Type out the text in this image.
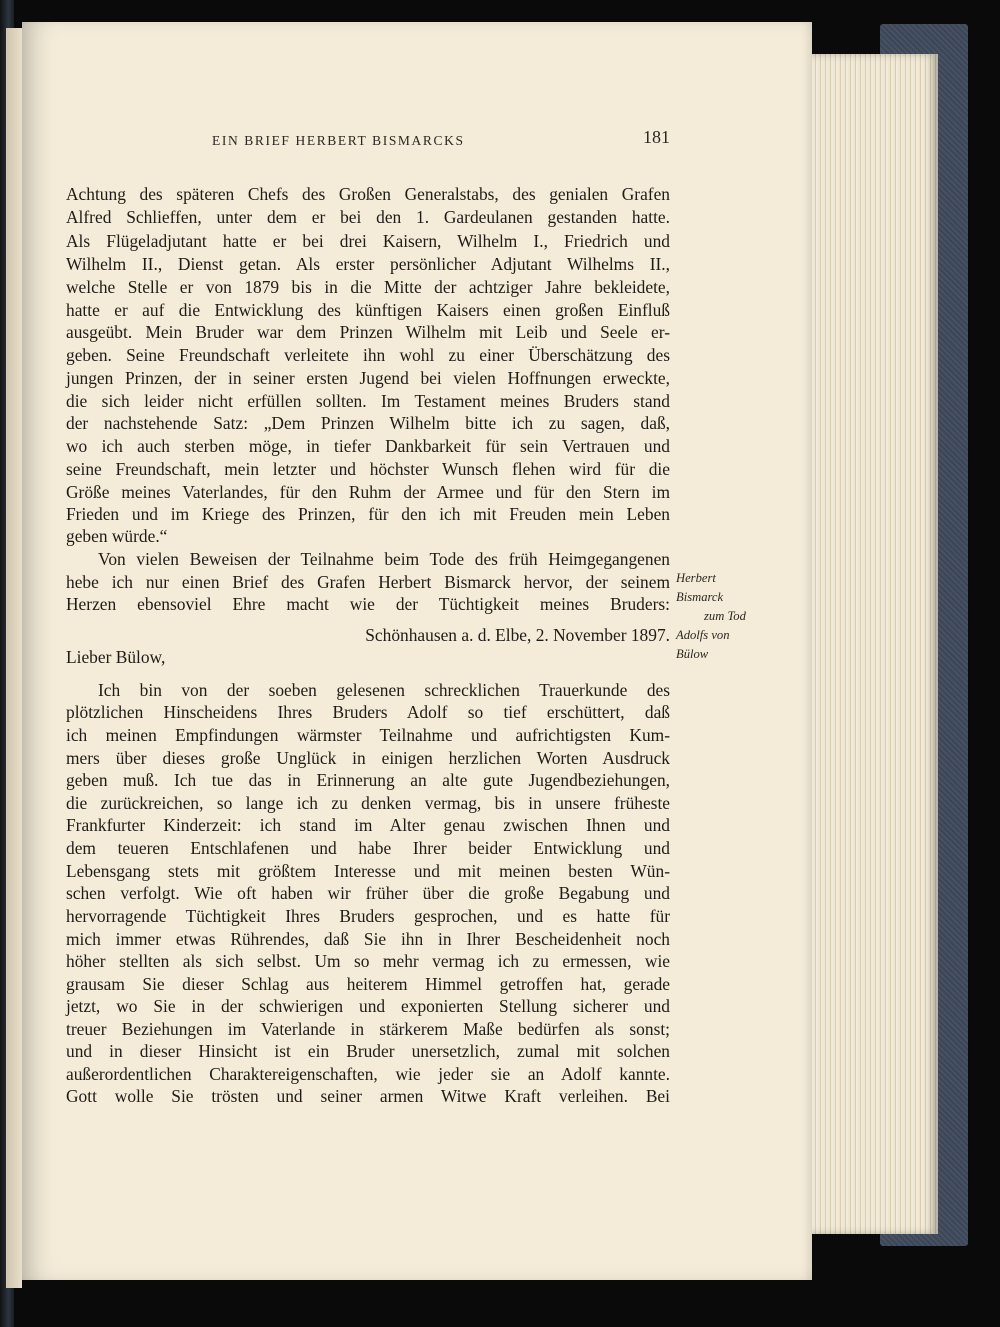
EIN BRIEF HERBERT BISMARCKS	181
Herbert
Bismarck
zum Tod
Adolfs von
Bülow
Achtung des späteren Chefs des Großen Generalstabs, des genialen Grafen
Alfred Schlieffen, unter dem er bei den 1. Gardeulanen gestanden hatte.
Als Flügeladjutant hatte er bei drei Kaisern, Wilhelm I., Friedrich und
Wilhelm II., Dienst getan. Als erster persönlicher Adjutant Wilhelms II.,
welche Stelle er von 1879 bis in die Mitte der achtziger Jahre bekleidete,
hatte er auf die Entwicklung des künftigen Kaisers einen großen Einfluß
ausgeübt. Mein Bruder war dem Prinzen Wilhelm mit Leib und Seele er-
geben. Seine Freundschaft verleitete ihn wohl zu einer Überschätzung des
jungen Prinzen, der in seiner ersten Jugend bei vielen Hoffnungen erweckte,
die sich leider nicht erfüllen sollten. Im Testament meines Bruders stand
der nachstehende Satz: „Dem Prinzen Wilhelm bitte ich zu sagen, daß,
wo ich auch sterben möge, in tiefer Dankbarkeit für sein Vertrauen und
seine Freundschaft, mein letzter und höchster Wunsch flehen wird für die
Größe meines Vaterlandes, für den Ruhm der Armee und für den Stern im
Frieden und im Kriege des Prinzen, für den ich mit Freuden mein Leben
geben würde.“
Von vielen Beweisen der Teilnahme beim Tode des früh Heimgegangenen
hebe ich nur einen Brief des Grafen Herbert Bismarck hervor, der seinem
Herzen ebensoviel Ehre macht wie der Tüchtigkeit meines Bruders:
Schönhausen a. d. Elbe, 2. November 1897.
Lieber Bülow,
Ich bin von der soeben gelesenen schrecklichen Trauerkunde des
plötzlichen Hinscheidens Ihres Bruders Adolf so tief erschüttert, daß
ich meinen Empfindungen wärmster Teilnahme und aufrichtigsten Kum-
mers über dieses große Unglück in einigen herzlichen Worten Ausdruck
geben muß. Ich tue das in Erinnerung an alte gute Jugendbeziehungen,
die zurückreichen, so lange ich zu denken vermag, bis in unsere früheste
Frankfurter Kinderzeit: ich stand im Alter genau zwischen Ihnen und
dem teueren Entschlafenen und habe Ihrer beider Entwicklung und
Lebensgang stets mit größtem Interesse und mit meinen besten Wün-
schen verfolgt. Wie oft haben wir früher über die große Begabung und
hervorragende Tüchtigkeit Ihres Bruders gesprochen, und es hatte für
mich immer etwas Rührendes, daß Sie ihn in Ihrer Bescheidenheit noch
höher stellten als sich selbst. Um so mehr vermag ich zu ermessen, wie
grausam Sie dieser Schlag aus heiterem Himmel getroffen hat, gerade
jetzt, wo Sie in der schwierigen und exponierten Stellung sicherer und
treuer Beziehungen im Vaterlande in stärkerem Maße bedürfen als sonst;
und in dieser Hinsicht ist ein Bruder unersetzlich, zumal mit solchen
außerordentlichen Charaktereigenschaften, wie jeder sie an Adolf kannte.
Gott wolle Sie trösten und seiner armen Witwe Kraft verleihen. Bei
